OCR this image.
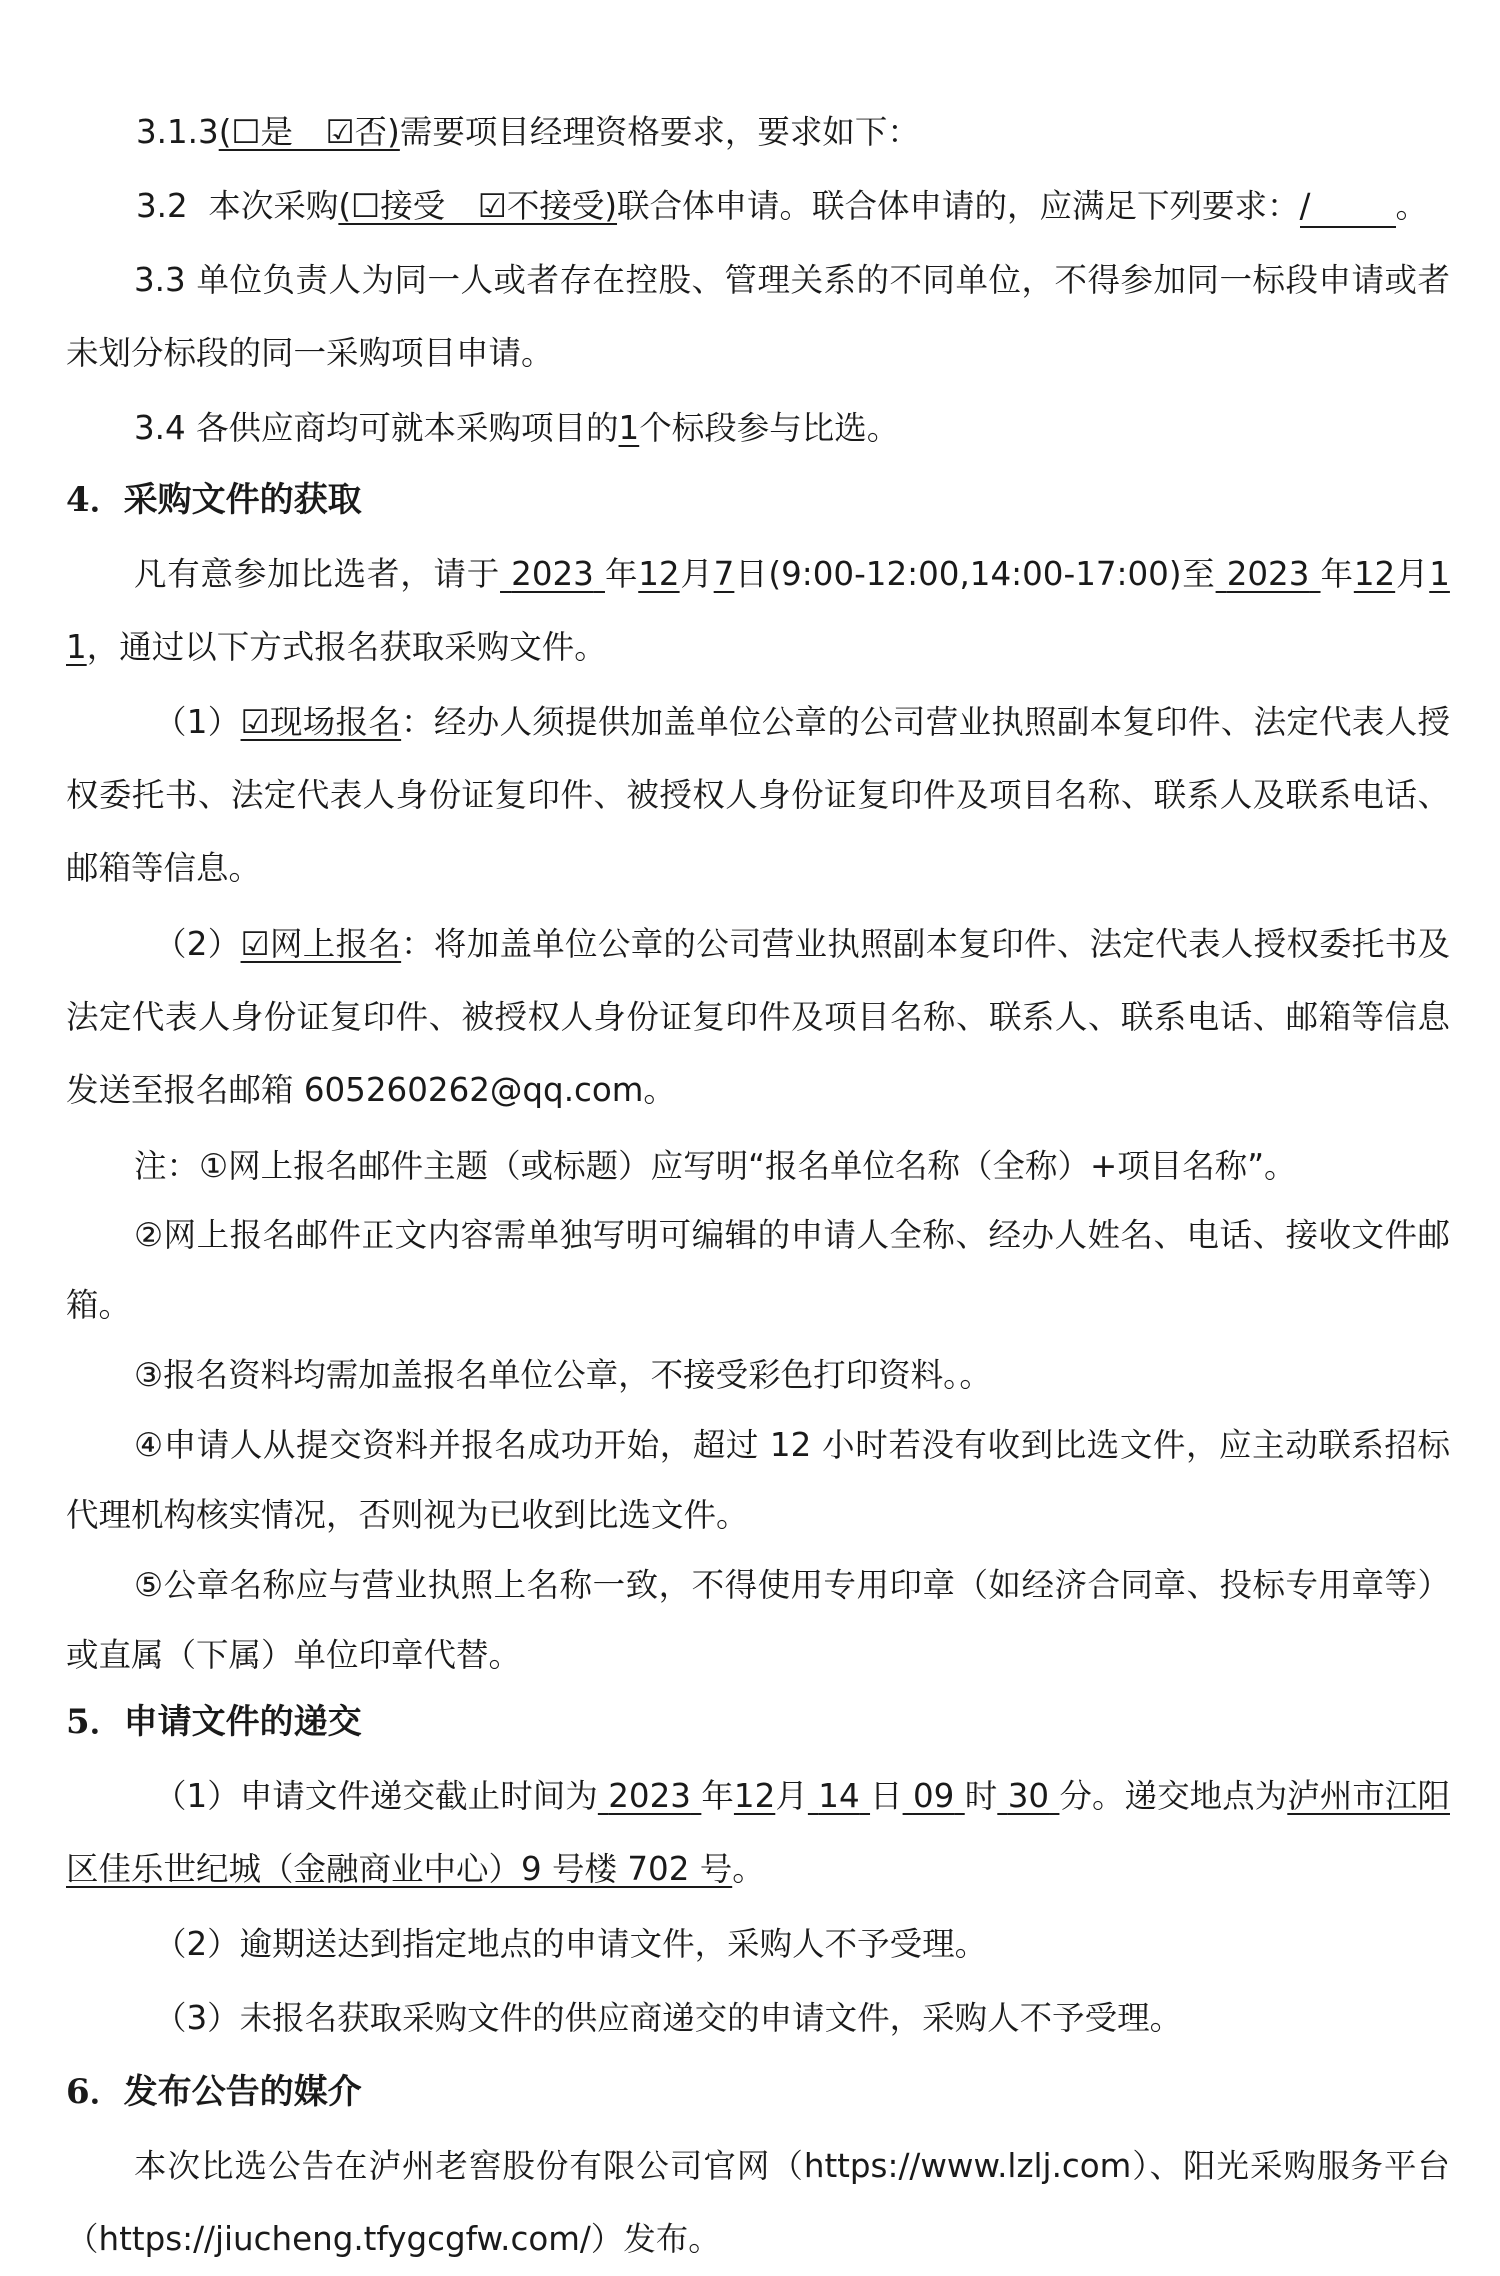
3.1.3(☐是　☑否)需要项目经理资格要求，要求如下：

3.2 本次采购(☐接受　☑不接受)联合体申请。联合体申请的，应满足下列要求：/	。

3.3 单位负责人为同一人或者存在控股、管理关系的不同单位，不得参加同一标段申请或者未划分标段的同一采购项目申请。

3.4 各供应商均可就本采购项目的1个标段参与比选。

4．采购文件的获取

凡有意参加比选者，请于 2023 年12月7日(9:00-12:00,14:00-17:00)至 2023 年12月11，通过以下方式报名获取采购文件。

（1）☑现场报名：经办人须提供加盖单位公章的公司营业执照副本复印件、法定代表人授权委托书、法定代表人身份证复印件、被授权人身份证复印件及项目名称、联系人及联系电话、邮箱等信息。

（2）☑网上报名：将加盖单位公章的公司营业执照副本复印件、法定代表人授权委托书及法定代表人身份证复印件、被授权人身份证复印件及项目名称、联系人、联系电话、邮箱等信息发送至报名邮箱 605260262@qq.com。

注：①网上报名邮件主题（或标题）应写明“报名单位名称（全称）+项目名称”。

②网上报名邮件正文内容需单独写明可编辑的申请人全称、经办人姓名、电话、接收文件邮箱。

③报名资料均需加盖报名单位公章，不接受彩色打印资料。。

④申请人从提交资料并报名成功开始，超过 12 小时若没有收到比选文件，应主动联系招标代理机构核实情况，否则视为已收到比选文件。

⑤公章名称应与营业执照上名称一致，不得使用专用印章（如经济合同章、投标专用章等）或直属（下属）单位印章代替。

5．申请文件的递交

（1）申请文件递交截止时间为 2023 年12月 14 日 09 时 30 分。递交地点为泸州市江阳区佳乐世纪城（金融商业中心）9 号楼 702 号。

（2）逾期送达到指定地点的申请文件，采购人不予受理。

（3）未报名获取采购文件的供应商递交的申请文件，采购人不予受理。

6．发布公告的媒介

本次比选公告在泸州老窖股份有限公司官网（https://www.lzlj.com）、阳光采购服务平台（https://jiucheng.tfygcgfw.com/）发布。
